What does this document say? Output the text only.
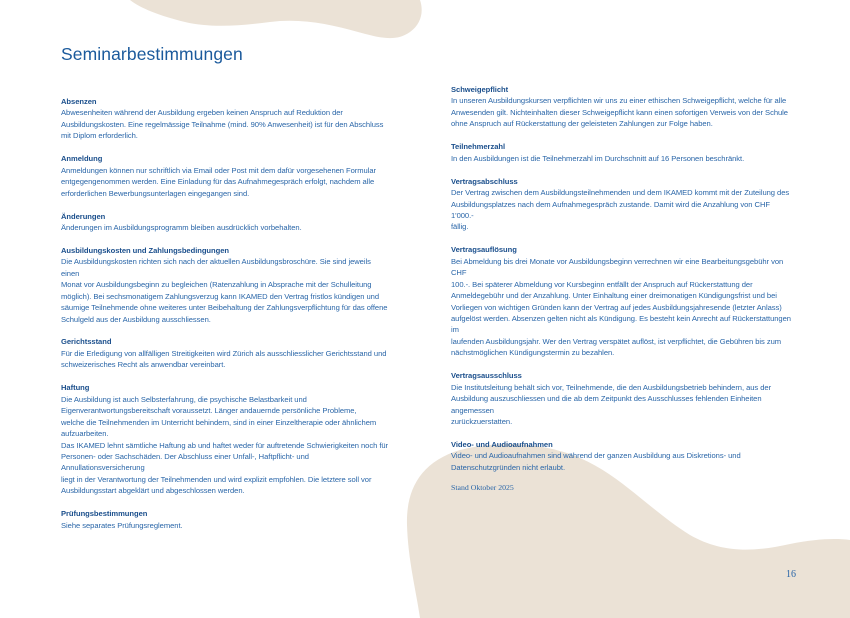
Seminarbestimmungen
Absenzen

Abwesenheiten während der Ausbildung ergeben keinen Anspruch auf Reduktion der
Ausbildungskosten. Eine regelmässige Teilnahme (mind. 90% Anwesenheit) ist für den Abschluss
mit Diplom erforderlich.

Anmeldung

Anmeldungen können nur schriftlich via Email oder Post mit dem dafür vorgesehenen Formular
entgegengenommen werden. Eine Einladung für das Aufnahmegespräch erfolgt, nachdem alle
erforderlichen Bewerbungsunterlagen eingegangen sind.

Änderungen

Änderungen im Ausbildungsprogramm bleiben ausdrücklich vorbehalten.

Ausbildungskosten und Zahlungsbedingungen

Die Ausbildungskosten richten sich nach der aktuellen Ausbildungsbroschüre. Sie sind jeweils einen
Monat vor Ausbildungsbeginn zu begleichen (Ratenzahlung in Absprache mit der Schulleitung
möglich). Bei sechsmonatigem Zahlungsverzug kann IKAMED den Vertrag fristlos kündigen und
säumige Teilnehmende ohne weiteres unter Beibehaltung der Zahlungsverpflichtung für das offene
Schulgeld aus der Ausbildung ausschliessen.

Gerichtsstand

Für die Erledigung von allfälligen Streitigkeiten wird Zürich als ausschliesslicher Gerichtsstand und
schweizerisches Recht als anwendbar vereinbart.

Haftung

Die Ausbildung ist auch Selbsterfahrung, die psychische Belastbarkeit und
Eigenverantwortungsbereitschaft voraussetzt. Länger andauernde persönliche Probleme,
welche die Teilnehmenden im Unterricht behindern, sind in einer Einzeltherapie oder ähnlichem
aufzuarbeiten.
Das IKAMED lehnt sämtliche Haftung ab und haftet weder für auftretende Schwierigkeiten noch für
Personen- oder Sachschäden. Der Abschluss einer Unfall-, Haftpflicht- und Annullationsversicherung
liegt in der Verantwortung der Teilnehmenden und wird explizit empfohlen. Die letztere soll vor
Ausbildungsstart abgeklärt und abgeschlossen werden.

Prüfungsbestimmungen

Siehe separates Prüfungsreglement.

Schweigepflicht

In unseren Ausbildungskursen verpflichten wir uns zu einer ethischen Schweigepflicht, welche für alle
Anwesenden gilt. Nichteinhalten dieser Schweigepflicht kann einen sofortigen Verweis von der Schule
ohne Anspruch auf Rückerstattung der geleisteten Zahlungen zur Folge haben.

Teilnehmerzahl

In den Ausbildungen ist die Teilnehmerzahl im Durchschnitt auf 16 Personen beschränkt.

Vertragsabschluss

Der Vertrag zwischen dem Ausbildungsteilnehmenden und dem IKAMED kommt mit der Zuteilung des
Ausbildungsplatzes nach dem Aufnahmegespräch zustande. Damit wird die Anzahlung von CHF 1'000.-
fällig.

Vertragsauflösung

Bei Abmeldung bis drei Monate vor Ausbildungsbeginn verrechnen wir eine Bearbeitungsgebühr von CHF
100.-. Bei späterer Abmeldung vor Kursbeginn entfällt der Anspruch auf Rückerstattung der
Anmeldegebühr und der Anzahlung. Unter Einhaltung einer dreimonatigen Kündigungsfrist und bei
Vorliegen von wichtigen Gründen kann der Vertrag auf jedes Ausbildungsjahresende (letzter Anlass)
aufgelöst werden. Absenzen gelten nicht als Kündigung. Es besteht kein Anrecht auf Rückerstattungen im
laufenden Ausbildungsjahr. Wer den Vertrag verspätet auflöst, ist verpflichtet, die Gebühren bis zum
nächstmöglichen Kündigungstermin zu bezahlen.

Vertragsausschluss

Die Institutsleitung behält sich vor, Teilnehmende, die den Ausbildungsbetrieb behindern, aus der
Ausbildung auszuschliessen und die ab dem Zeitpunkt des Ausschlusses fehlenden Einheiten angemessen
zurückzuerstatten.

Video- und Audioaufnahmen

Video- und Audioaufnahmen sind während der ganzen Ausbildung aus Diskretions- und
Datenschutzgründen nicht erlaubt.

Stand Oktober 2025
16
